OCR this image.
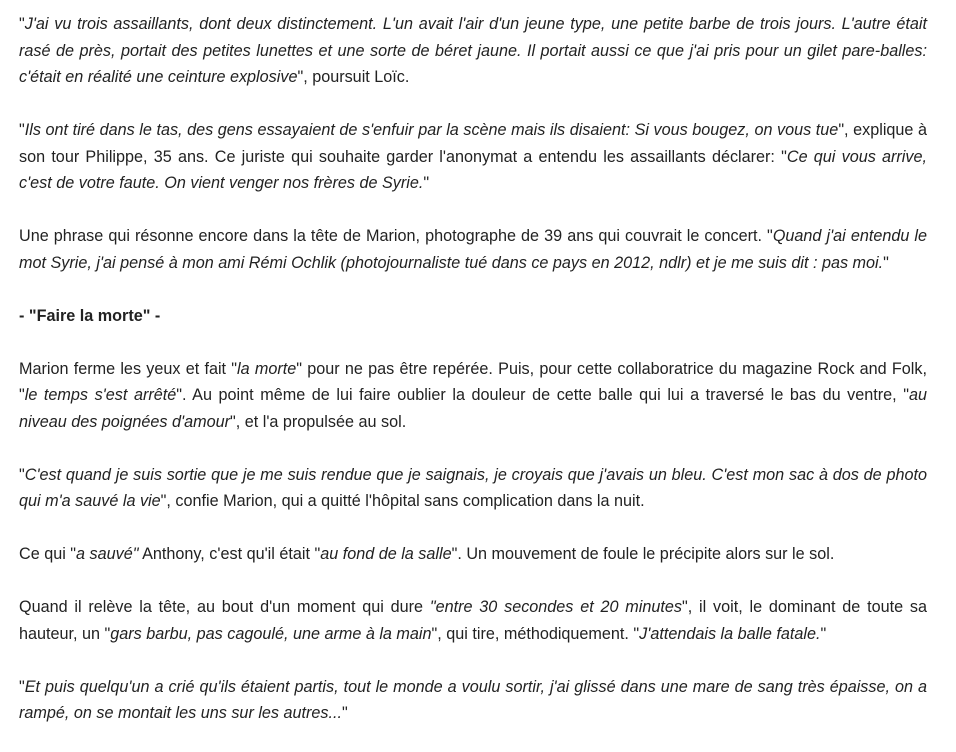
"J'ai vu trois assaillants, dont deux distinctement. L'un avait l'air d'un jeune type, une petite barbe de trois jours. L'autre était rasé de près, portait des petites lunettes et une sorte de béret jaune. Il portait aussi ce que j'ai pris pour un gilet pare-balles: c'était en réalité une ceinture explosive", poursuit Loïc.

"Ils ont tiré dans le tas, des gens essayaient de s'enfuir par la scène mais ils disaient: Si vous bougez, on vous tue", explique à son tour Philippe, 35 ans. Ce juriste qui souhaite garder l'anonymat a entendu les assaillants déclarer: "Ce qui vous arrive, c'est de votre faute. On vient venger nos frères de Syrie."

Une phrase qui résonne encore dans la tête de Marion, photographe de 39 ans qui couvrait le concert. "Quand j'ai entendu le mot Syrie, j'ai pensé à mon ami Rémi Ochlik (photojournaliste tué dans ce pays en 2012, ndlr) et je me suis dit : pas moi."

- "Faire la morte" -

Marion ferme les yeux et fait "la morte" pour ne pas être repérée. Puis, pour cette collaboratrice du magazine Rock and Folk, "le temps s'est arrêté". Au point même de lui faire oublier la douleur de cette balle qui lui a traversé le bas du ventre, "au niveau des poignées d'amour", et l'a propulsée au sol.

"C'est quand je suis sortie que je me suis rendue que je saignais, je croyais que j'avais un bleu. C'est mon sac à dos de photo qui m'a sauvé la vie", confie Marion, qui a quitté l'hôpital sans complication dans la nuit.

Ce qui "a sauvé" Anthony, c'est qu'il était "au fond de la salle". Un mouvement de foule le précipite alors sur le sol.

Quand il relève la tête, au bout d'un moment qui dure "entre 30 secondes et 20 minutes", il voit, le dominant de toute sa hauteur, un "gars barbu, pas cagoulé, une arme à la main", qui tire, méthodiquement. "J'attendais la balle fatale."

"Et puis quelqu'un a crié qu'ils étaient partis, tout le monde a voulu sortir, j'ai glissé dans une mare de sang très épaisse, on a rampé, on se montait les uns sur les autres..."
